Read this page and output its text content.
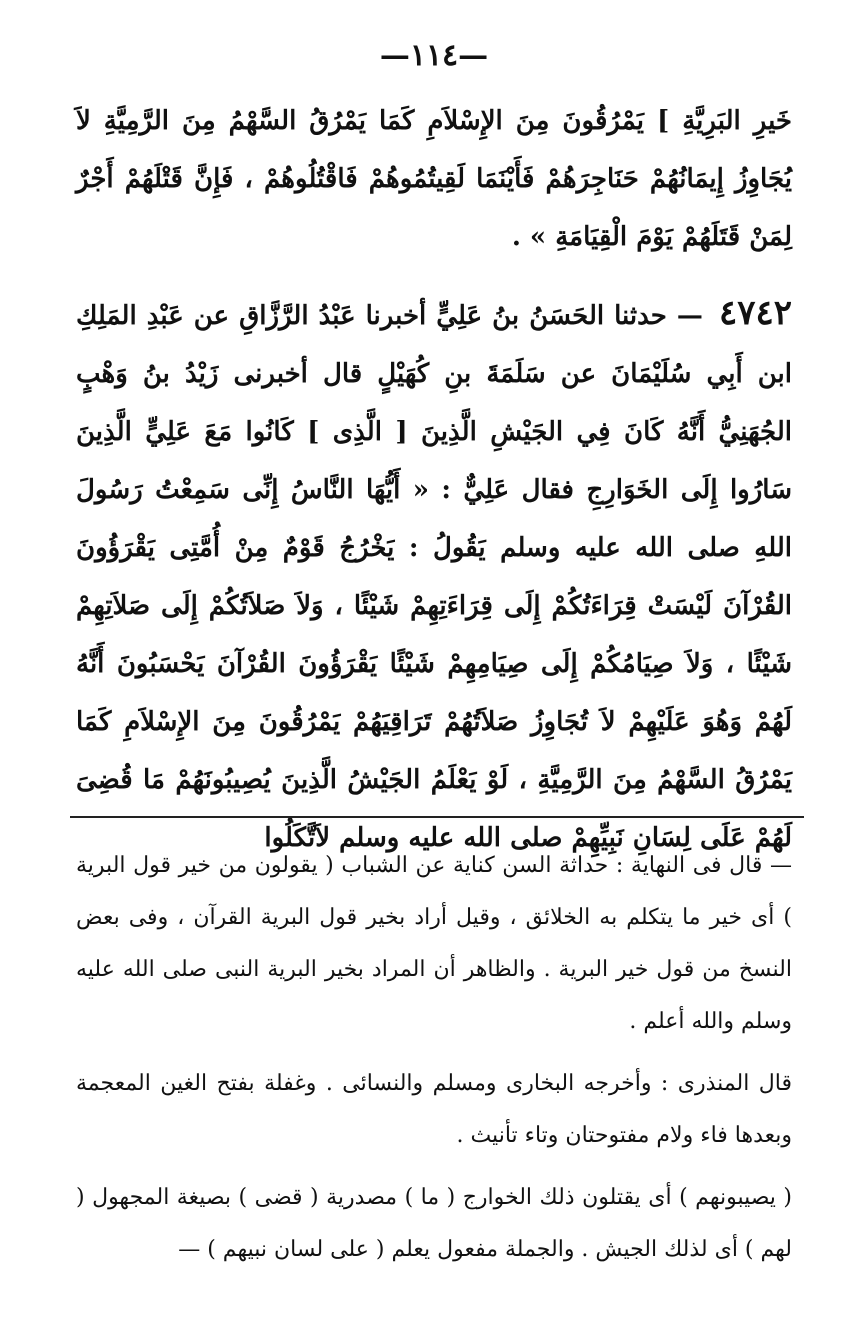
—١١٤—

خَيرِ البَرِيَّةِ ] يَمْرُقُونَ مِنَ الإِسْلاَمِ كَمَا يَمْرُقُ السَّهْمُ مِنَ الرَّمِيَّةِ لاَ يُجَاوِزُ إِيمَانُهُمْ حَنَاجِرَهُمْ فَأَيْنَمَا لَقِيتُمُوهُمْ فَاقْتُلُوهُمْ ، فَإِنَّ قَتْلَهُمْ أَجْرٌ لِمَنْ قَتَلَهُمْ يَوْمَ الْقِيَامَةِ » .

٤٧٤٢ — حدثنا الحَسَنُ بنُ عَلِيٍّ أخبرنا عَبْدُ الرَّزَّاقِ عن عَبْدِ المَلِكِ ابن أَبِي سُلَيْمَانَ عن سَلَمَةَ بنِ كُهَيْلٍ قال أخبرنى زَيْدُ بنُ وَهْبٍ الجُهَنِيُّ أَنَّهُ كَانَ فِي الجَيْشِ الَّذِينَ [ الَّذِى ] كَانُوا مَعَ عَلِيٍّ الَّذِينَ سَارُوا إِلَى الخَوَارِجِ فقال عَلِيٌّ : « أَيُّهَا النَّاسُ إِنِّى سَمِعْتُ رَسُولَ اللهِ صلى الله عليه وسلم يَقُولُ : يَخْرُجُ قَوْمٌ مِنْ أُمَّتِى يَقْرَؤُونَ القُرْآنَ لَيْسَتْ قِرَاءَتُكُمْ إِلَى قِرَاءَتِهِمْ شَيْئًا ، وَلاَ صَلاَتُكُمْ إِلَى صَلاَتِهِمْ شَيْئًا ، وَلاَ صِيَامُكُمْ إِلَى صِيَامِهِمْ شَيْئًا يَقْرَؤُونَ القُرْآنَ يَحْسَبُونَ أَنَّهُ لَهُمْ وَهُوَ عَلَيْهِمْ لاَ تُجَاوِزُ صَلاَتُهُمْ تَرَاقِيَهُمْ يَمْرُقُونَ مِنَ الإِسْلاَمِ كَمَا يَمْرُقُ السَّهْمُ مِنَ الرَّمِيَّةِ ، لَوْ يَعْلَمُ الجَيْشُ الَّذِينَ يُصِيبُونَهُمْ مَا قُضِىَ لَهُمْ عَلَى لِسَانِ نَبِيِّهِمْ صلى الله عليه وسلم لاَتَّكَلُوا

— قال فى النهاية : حداثة السن كناية عن الشباب ( يقولون من خير قول البرية ) أى خير ما يتكلم به الخلائق ، وقيل أراد بخير قول البرية القرآن ، وفى بعض النسخ من قول خير البرية . والظاهر أن المراد بخير البرية النبى صلى الله عليه وسلم والله أعلم .

قال المنذرى : وأخرجه البخارى ومسلم والنسائى . وغفلة بفتح الغين المعجمة وبعدها فاء ولام مفتوحتان وتاء تأنيث .

( يصيبونهم ) أى يقتلون ذلك الخوارج ( ما ) مصدرية ( قضى ) بصيغة المجهول ( لهم ) أى لذلك الجيش . والجملة مفعول يعلم ( على لسان نبيهم ) —
